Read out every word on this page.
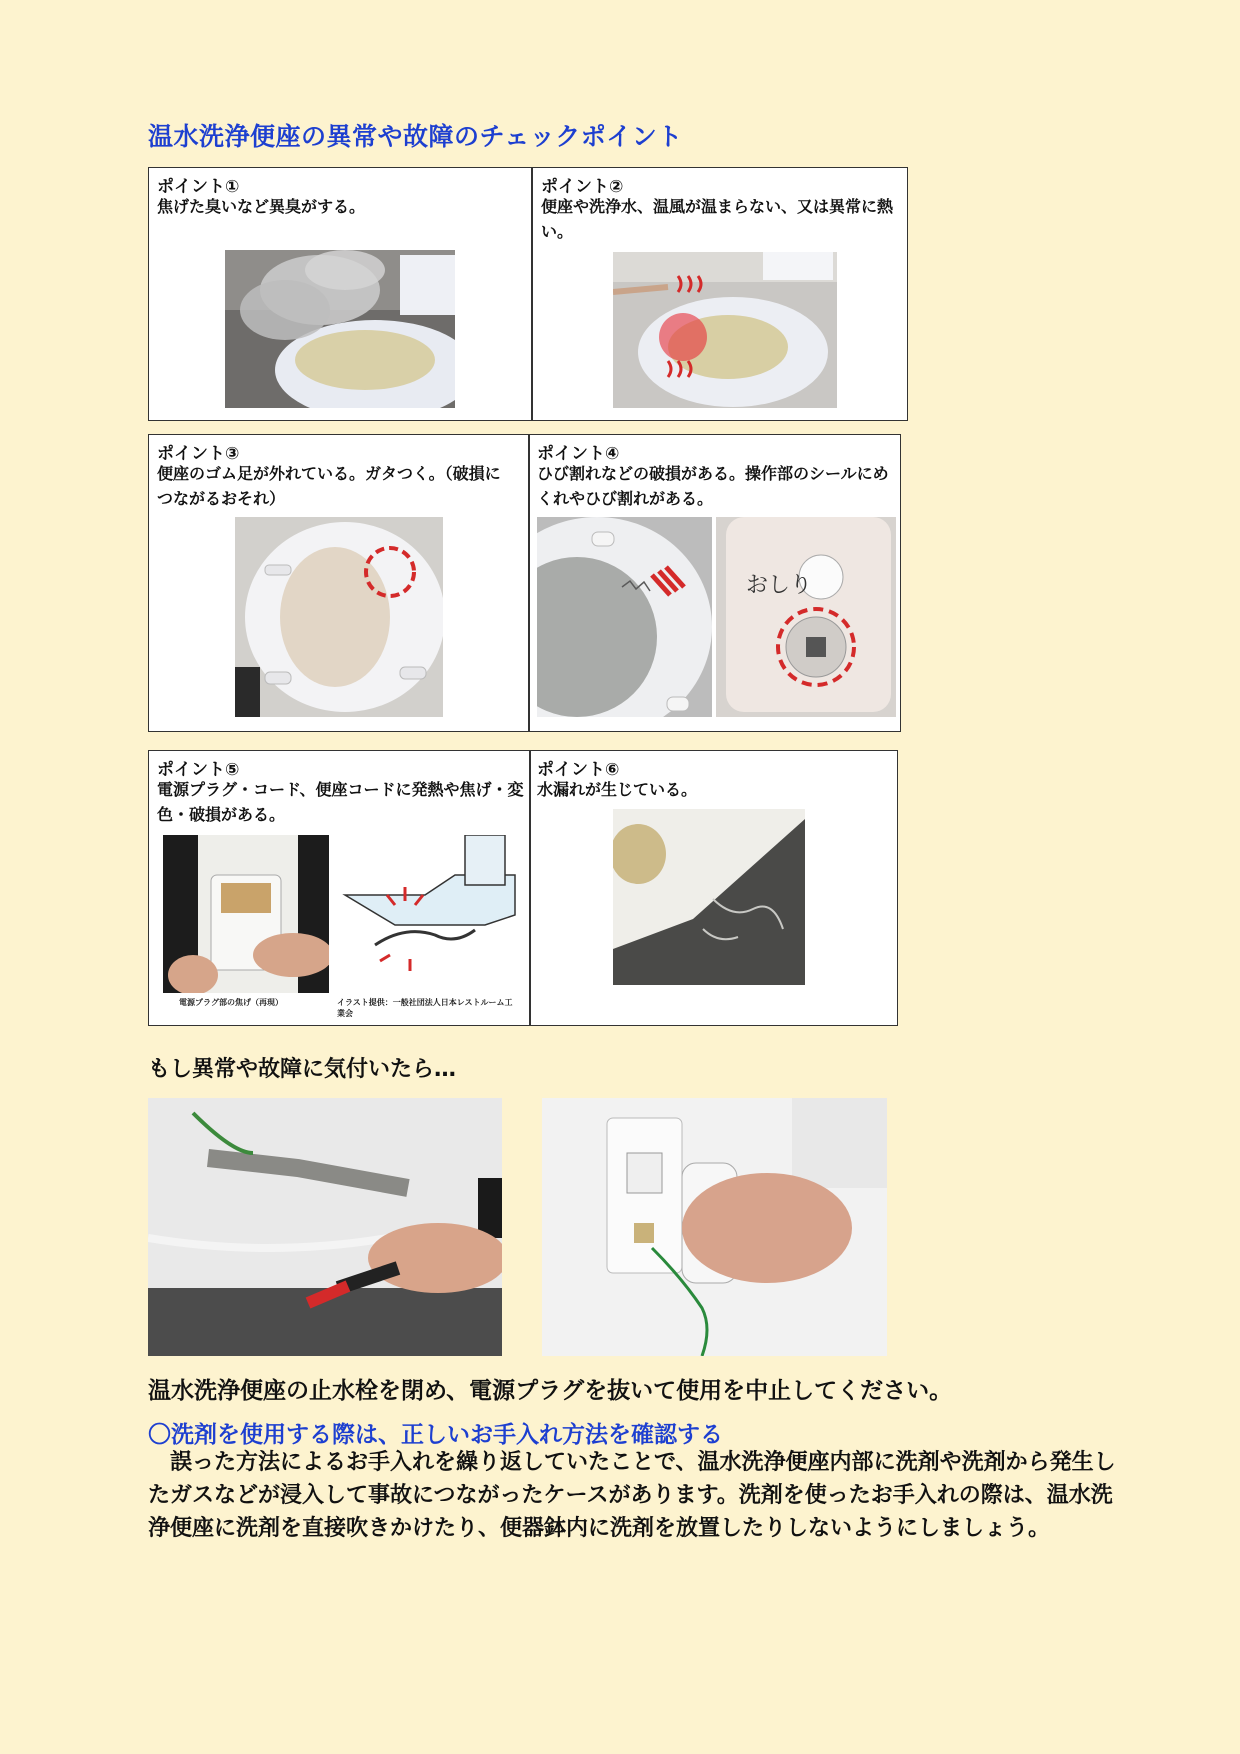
温水洗浄便座の異常や故障のチェックポイント
ポイント①
焦げた臭いなど異臭がする。
ポイント②
便座や洗浄水、温風が温まらない、又は異常に熱い。
ポイント③
便座のゴム足が外れている。ガタつく。（破損につながるおそれ）
ポイント④
ひび割れなどの破損がある。操作部のシールにめくれやひび割れがある。
おしり
ポイント⑤
電源プラグ・コード、便座コードに発熱や焦げ・変色・破損がある。
電源プラグ部の焦げ（再現）	イラスト提供：一般社団法人日本レストルーム工業会
ポイント⑥
水漏れが生じている。
もし異常や故障に気付いたら…
温水洗浄便座の止水栓を閉め、電源プラグを抜いて使用を中止してください。
〇洗剤を使用する際は、正しいお手入れ方法を確認する
　誤った方法によるお手入れを繰り返していたことで、温水洗浄便座内部に洗剤や洗剤から発生したガスなどが浸入して事故につながったケースがあります。洗剤を使ったお手入れの際は、温水洗浄便座に洗剤を直接吹きかけたり、便器鉢内に洗剤を放置したりしないようにしましょう。
